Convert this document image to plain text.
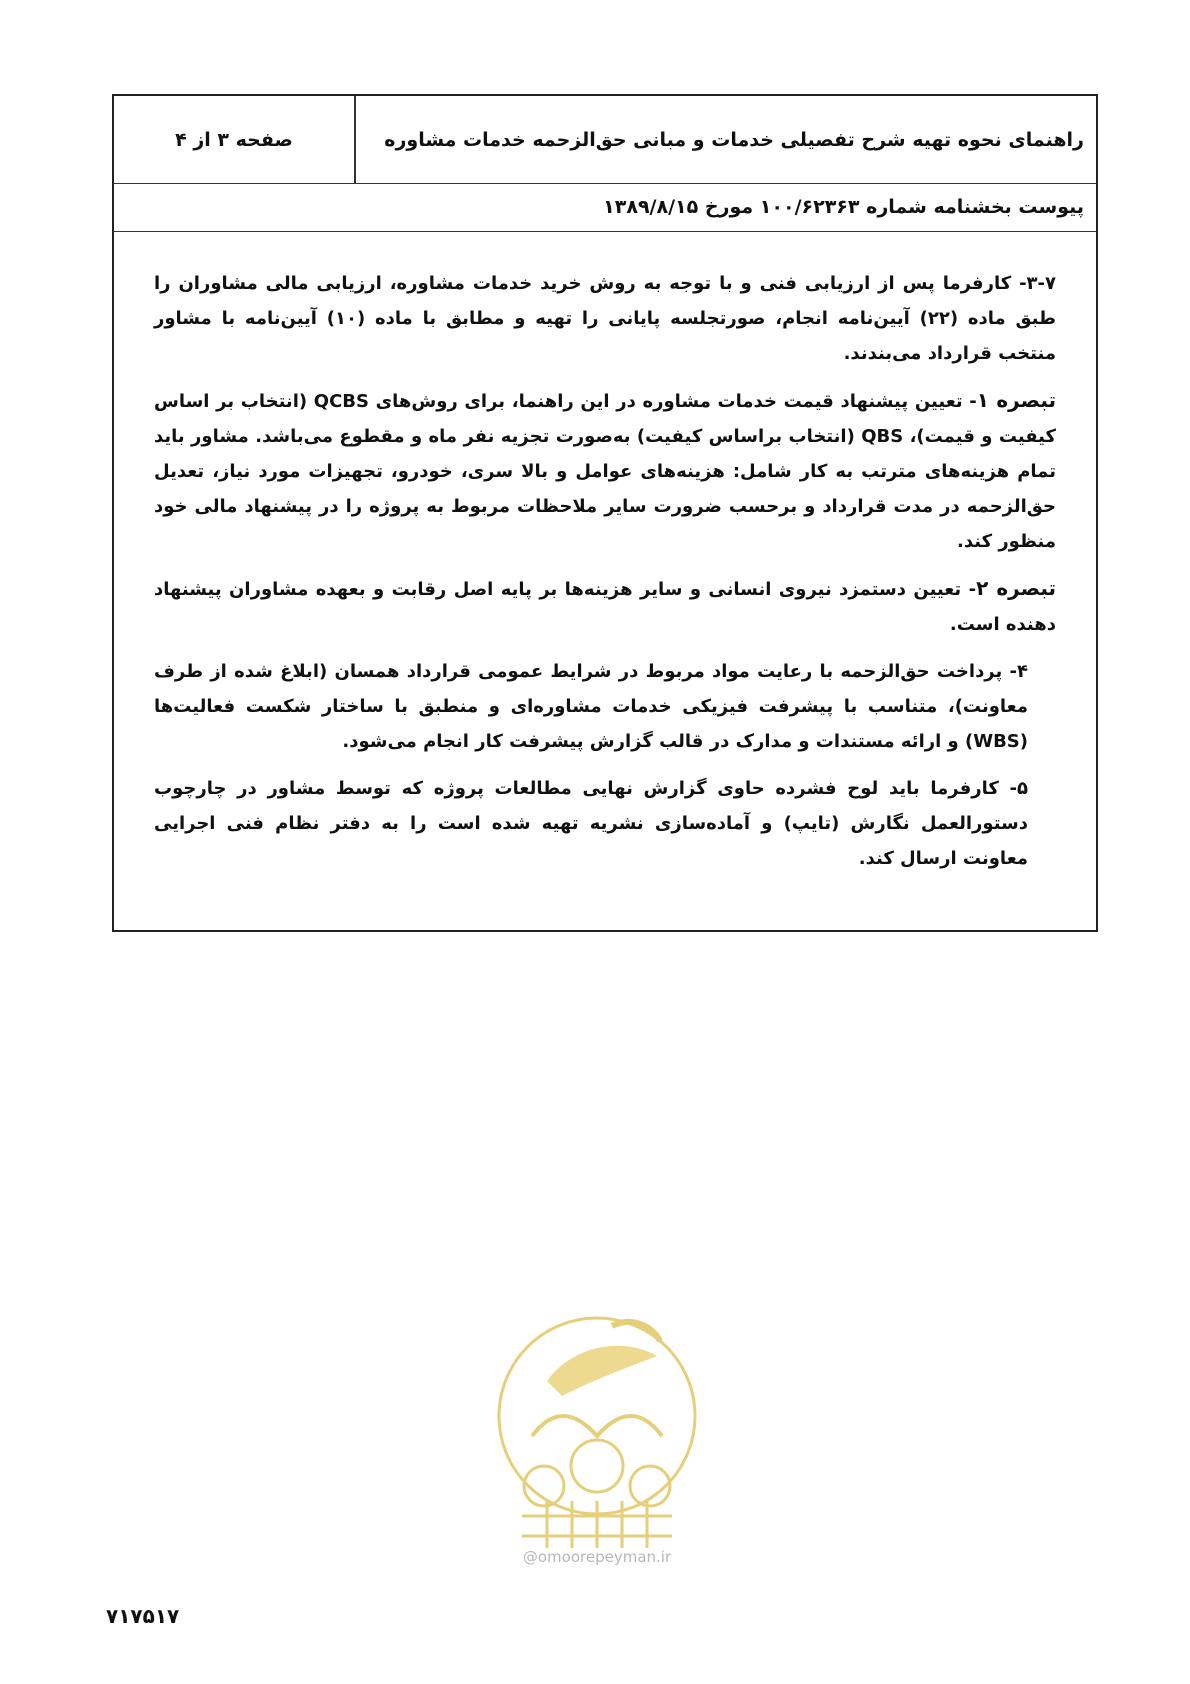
راهنمای نحوه تهیه شرح تفصیلی خدمات و مبانی حق‌الزحمه خدمات مشاوره
صفحه ۳ از ۴
پیوست بخشنامه شماره ۱۰۰/۶۲۳۶۳ مورخ ۱۳۸۹/۸/۱۵

۳-۷- کارفرما پس از ارزیابی فنی و با توجه به روش خرید خدمات مشاوره، ارزیابی مالی مشاوران را طبق ماده (۲۲) آیین‌نامه انجام، صورتجلسه پایانی را تهیه و مطابق با ماده (۱۰) آیین‌نامه با مشاور منتخب قرارداد می‌بندند.

تبصره ۱- تعیین پیشنهاد قیمت خدمات مشاوره در این راهنما، برای روش‌های QCBS (انتخاب بر اساس کیفیت و قیمت)، QBS (انتخاب براساس کیفیت) به‌صورت تجزیه نفر ماه و مقطوع می‌باشد. مشاور باید تمام هزینه‌های مترتب به کار شامل: هزینه‌های عوامل و بالا سری، خودرو، تجهیزات مورد نیاز، تعدیل حق‌الزحمه در مدت قرارداد و برحسب ضرورت سایر ملاحظات مربوط به پروژه را در پیشنهاد مالی خود منظور کند.

تبصره ۲- تعیین دستمزد نیروی انسانی و سایر هزینه‌ها بر پایه اصل رقابت و بعهده مشاوران پیشنهاد دهنده است.

۴- پرداخت حق‌الزحمه با رعایت مواد مربوط در شرایط عمومی قرارداد همسان (ابلاغ شده از طرف معاونت)، متناسب با پیشرفت فیزیکی خدمات مشاوره‌ای و منطبق با ساختار شکست فعالیت‌ها (WBS) و ارائه مستندات و مدارک در قالب گزارش پیشرفت کار انجام می‌شود.

۵- کارفرما باید لوح فشرده حاوی گزارش نهایی مطالعات پروژه که توسط مشاور در چارچوب دستورالعمل نگارش (تایپ) و آماده‌سازی نشریه تهیه شده است را به دفتر نظام فنی اجرایی معاونت ارسال کند.

@omoorepeyman.ir
۷۱۷۵۱۷
